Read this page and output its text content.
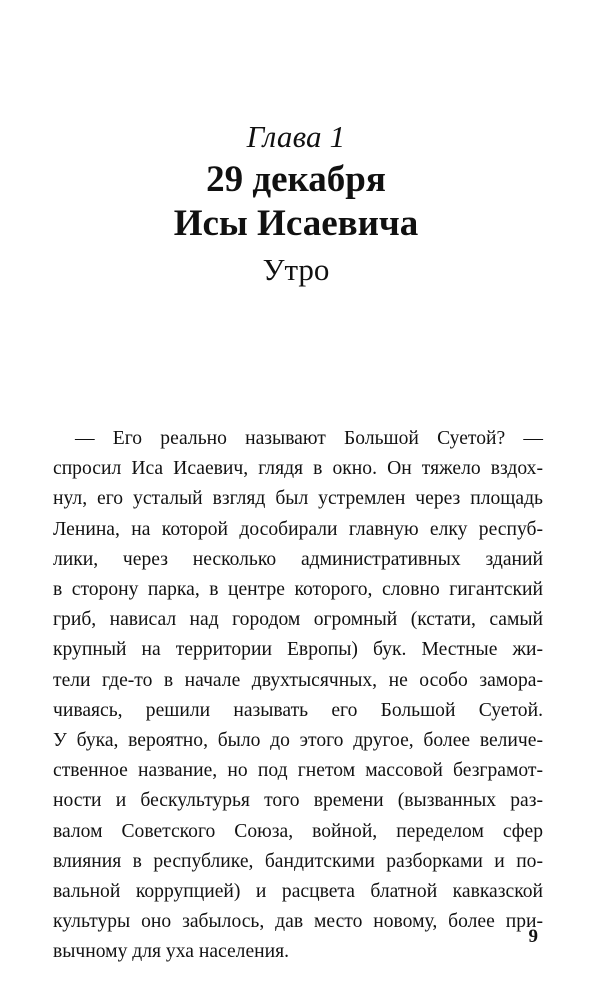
Глава 1

29 декабря
Исы Исаевича

Утро

— Его реально называют Большой Суетой? —
спросил Иса Исаевич, глядя в окно. Он тяжело вздох-
нул, его усталый взгляд был устремлен через площадь
Ленина, на которой дособирали главную елку респуб-
лики, через несколько административных зданий
в сторону парка, в центре которого, словно гигантский
гриб, нависал над городом огромный (кстати, самый
крупный на территории Европы) бук. Местные жи-
тели где-то в начале двухтысячных, не особо замора-
чиваясь, решили называть его Большой Суетой.
У бука, вероятно, было до этого другое, более величе-
ственное название, но под гнетом массовой безграмот-
ности и бескультурья того времени (вызванных раз-
валом Советского Союза, войной, переделом сфер
влияния в республике, бандитскими разборками и по-
вальной коррупцией) и расцвета блатной кавказской
культуры оно забылось, дав место новому, более при-
вычному для уха населения.
9
